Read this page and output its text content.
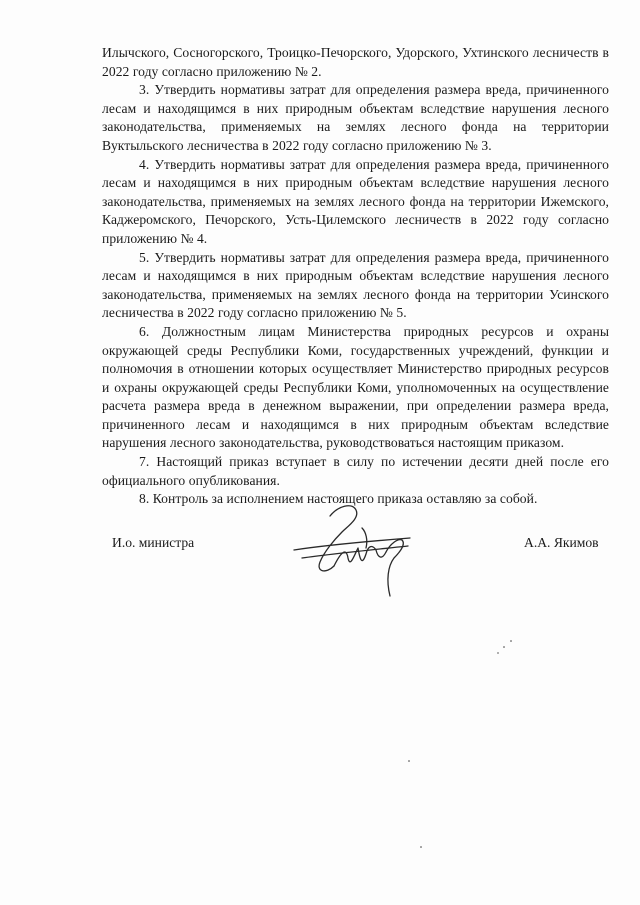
Илычского, Сосногорского, Троицко-Печорского, Удорского, Ухтинского лесничеств в 2022 году согласно приложению № 2.

3. Утвердить нормативы затрат для определения размера вреда, причиненного лесам и находящимся в них природным объектам вследствие нарушения лесного законодательства, применяемых на землях лесного фонда на территории Вуктыльского лесничества в 2022 году согласно приложению № 3.

4. Утвердить нормативы затрат для определения размера вреда, причиненного лесам и находящимся в них природным объектам вследствие нарушения лесного законодательства, применяемых на землях лесного фонда на территории Ижемского, Каджеромского, Печорского, Усть-Цилемского лесничеств в 2022 году согласно приложению № 4.

5. Утвердить нормативы затрат для определения размера вреда, причиненного лесам и находящимся в них природным объектам вследствие нарушения лесного законодательства, применяемых на землях лесного фонда на территории Усинского лесничества в 2022 году согласно приложению № 5.

6. Должностным лицам Министерства природных ресурсов и охраны окружающей среды Республики Коми, государственных учреждений, функции и полномочия в отношении которых осуществляет Министерство природных ресурсов и охраны окружающей среды Республики Коми, уполномоченных на осуществление расчета размера вреда в денежном выражении, при определении размера вреда, причиненного лесам и находящимся в них природным объектам вследствие нарушения лесного законодательства, руководствоваться настоящим приказом.

7. Настоящий приказ вступает в силу по истечении десяти дней после его официального опубликования.

8. Контроль за исполнением настоящего приказа оставляю за собой.

И.о. министра	А.А. Якимов
